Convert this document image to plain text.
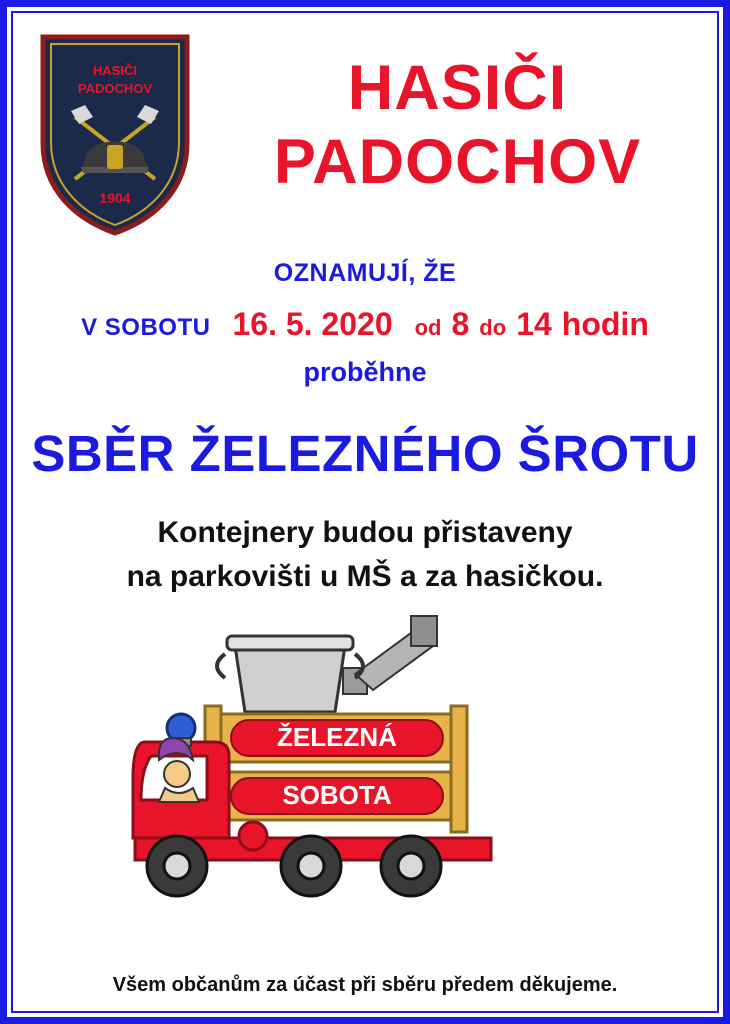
HASIČI
PADOCHOV
1904
HASIČI
PADOCHOV
OZNAMUJÍ, ŽE
V SOBOTU 16. 5. 2020 od 8 do 14 hodin
proběhne
SBĚR ŽELEZNÉHO ŠROTU
Kontejnery budou přistaveny
na parkovišti u MŠ a za hasičkou.
ŽELEZNÁ
SOBOTA
Všem občanům za účast při sběru předem děkujeme.
